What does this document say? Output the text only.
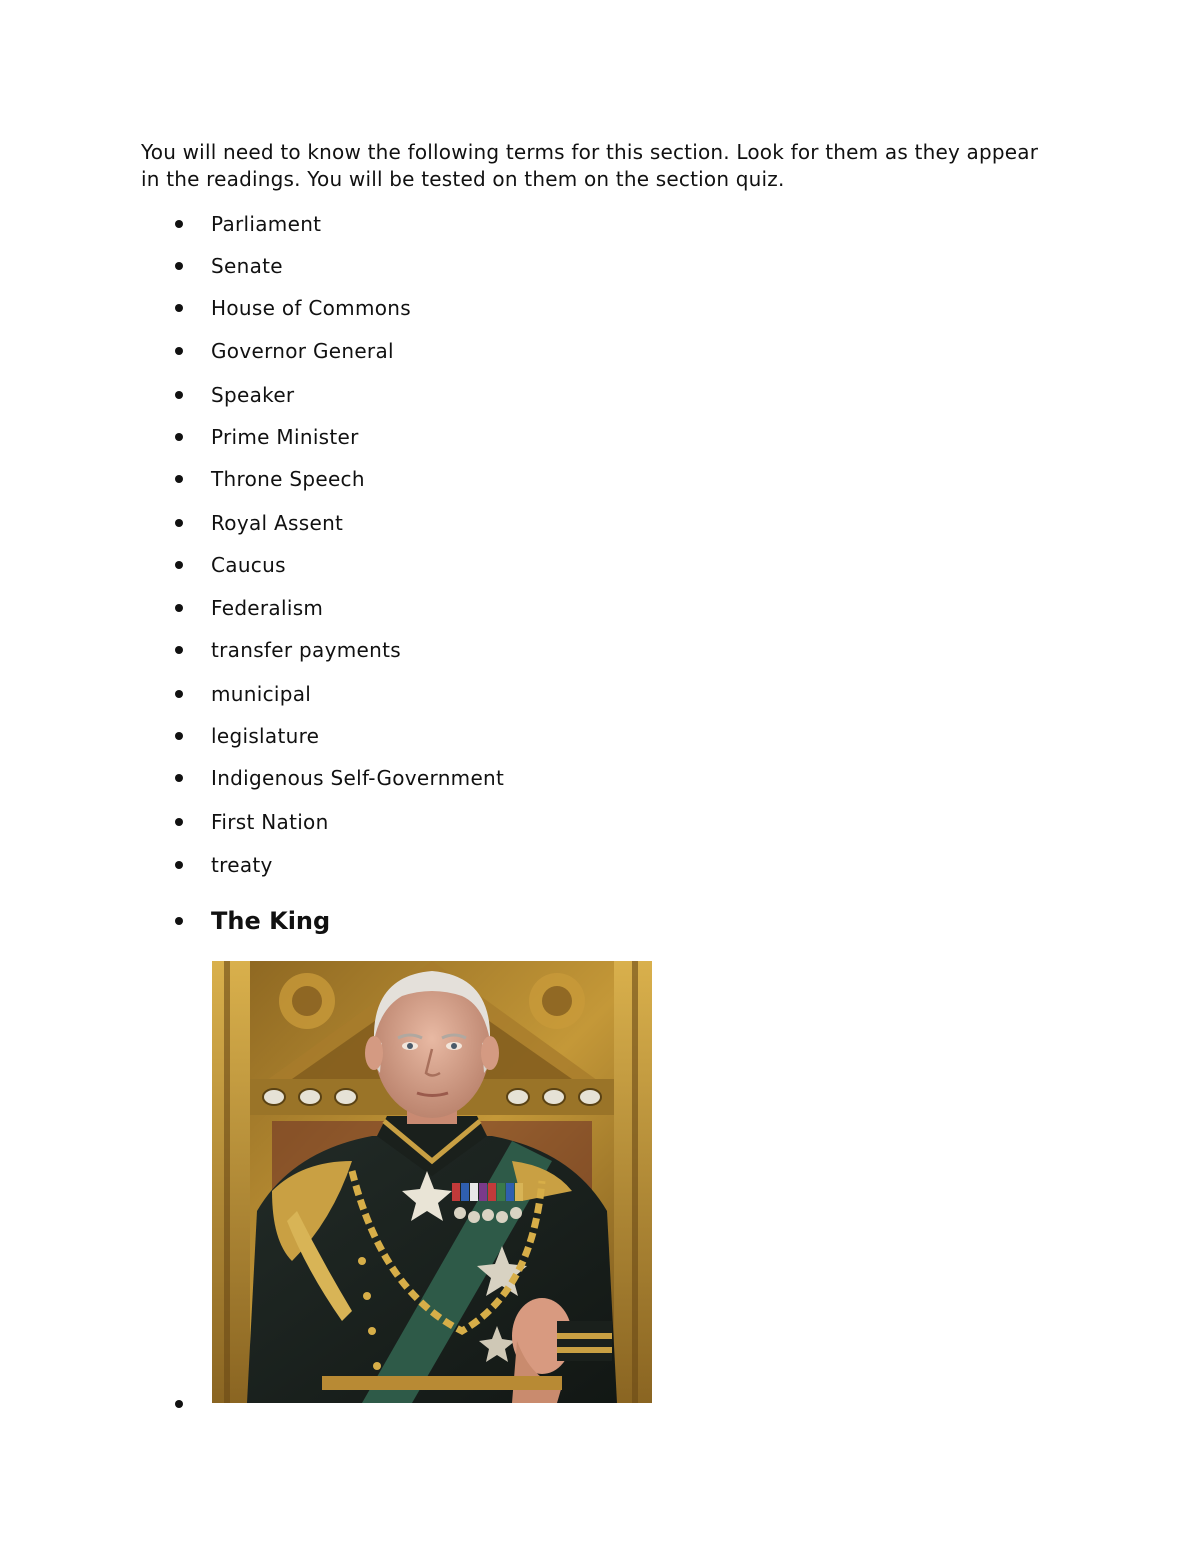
You will need to know the following terms for this section. Look for them as they appear in the readings. You will be tested on them on the section quiz.

Parliament
Senate
House of Commons
Governor General
Speaker
Prime Minister
Throne Speech
Royal Assent
Caucus
Federalism
transfer payments
municipal
legislature
Indigenous Self-Government
First Nation
treaty
The King
